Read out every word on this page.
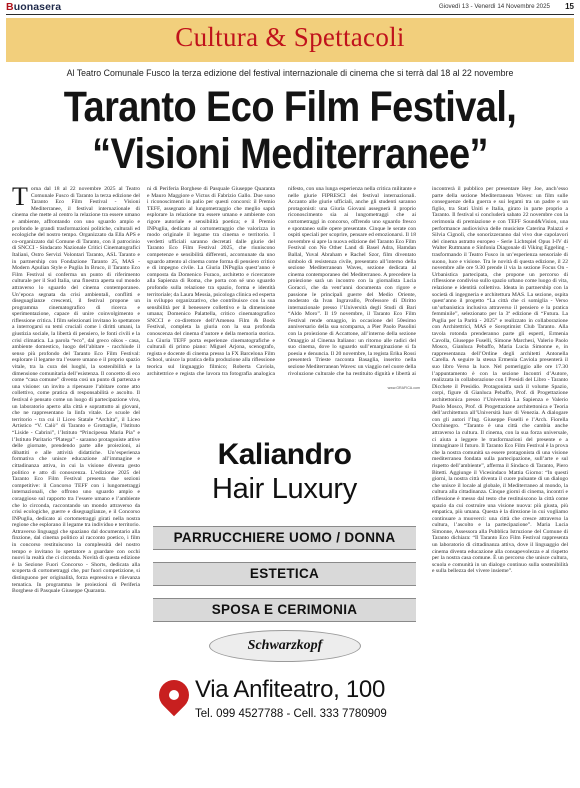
Buonasera	Giovedì 13 - Venerdì 14 Novembre 2025 15
Cultura & Spettacoli
Al Teatro Comunale Fusco la terza edizione del festival internazionale di cinema che si terrà dal 18 al 22 novembre
Taranto Eco Film Festival,
“Visioni Mediterranee”
T orna dal 18 al 22 novembre 2025 al Teatro Comunale Fusco di Taranto la terza edizione del Taranto Eco Film Festival - Visioni Mediterranee, il festival internazionale di cinema che mette al centro la relazione tra essere umano e ambiente, affrontando con uno sguardo ampio e profondo le grandi trasformazioni politiche, culturali ed ecologiche del nostro tempo. Organizzato da Ella APS e co-organizzato dal Comune di Taranto, con il patrocinio di SNCCI - Sindacato Nazionale Critici Cinematografici Italiani, Ostro Servizi Volontari Taranto, ASL Taranto e in partnership con Fondazione Taranto 25, MAS - Modern Apulian Style e Puglia In Bruco, il Taranto Eco Film Festival si conferma un punto di riferimento culturale per il Sud Italia, una finestra aperta sul mondo attraverso lo sguardo del cinema contemporaneo. Un’epoca segnata da crisi ambientali, conflitti e diseguaglianze crescenti, il festival propone un programma cinematografico di ricerca e sperimentazione, capace di unire coinvolgimento e riflessione critica. I film selezionati invitano lo spettatore a interrogarsi su temi cruciali come i diritti umani, la giustizia sociale, la libertà di pensiero, le fonti civili e la crisi climatica. La parola “eco”, dal greco oikos - casa, ambiente domestico, luogo dell’abitare - racchiude il senso più profondo del Taranto Eco Film Festival: esplorare il legame tra l’essere umano e il proprio spazio vitale, tra la cura dei luoghi, la sostenibilità e la dimensione comunitaria dell’esistenza. Il concetto di eco come “casa comune” diventa così un punto di partenza e una visione: un invito a ripensare l’abitare come atto collettivo, come pratica di responsabilità e ascolto. Il festival è pensato come un luogo di partecipazione viva, un laboratorio aperto alla città e soprattutto ai giovani, che ne rappresentano la linfa vitale. Le scuole del territorio - tra cui il Liceo Statale “Archita”, il Liceo Artistico “V. Calò” di Taranto e Grottaglie, l’Istituto “Liside - Cabrini”, l’Istituto “Principessa Maria Pia” e l’Istituto Paritario “Platega” - saranno protagoniste attive delle giornate, prendendo parte alle proiezioni, ai dibattiti e alle attività didattiche. Un’esperienza formativa che unisce educazione all’immagine e cittadinanza attiva, in cui la visione diventa gesto politico e atto di conoscenza. L’edizione 2025 del Taranto Eco Film Festival presenta due sezioni competitive: il Concorso TEFF con i lungometraggi internazionali, che offrono uno sguardo ampio e coraggioso sul rapporto tra l’essere umano e l’ambiente che lo circonda, raccontando un mondo attraverso da crisi ecologiche, guerre e diseguaglianze, e il Concorso INPuglia, dedicato ai cortometraggi girati nella nostra regione che esplorano il legame tra individuo e territorio. Attraverso linguaggi che spaziano dal documentario alla finzione, dal cinema politico al racconto poetico, i film in concorso restituiscono la complessità del nostro tempo e invitano lo spettatore a guardare con occhi nuovi la realtà che ci circonda. Novità di questa edizione è la Sezione Fuori Concorso - Shorts, dedicata alla scoperta di cortometraggi che, pur fuori competizione, si distinguono per originalità, forza espressiva e rilevanza tematica. In programma le proiezioni di Periferia Borghese di Pasquale Giuseppe Quaranta.

ni di Periferia Borghese di Pasquale Giuseppe Quaranta e Mauro Maggiore e Victus di Fabrizio Gallo. Due sono i riconoscimenti in palio per questi concorsi: il Premio TEFF, assegnato al lungometraggio che meglio saprà esplorare la relazione tra essere umano e ambiente con rigore autoriale e sensibilità poetica; e il Premio INPuglia, dedicato al cortometraggio che valorizza in modo originale il legame tra cinema e territorio. I verdetti ufficiali saranno decretati dalle giurie del Taranto Eco Film Festival 2025, che riuniscono competenze e sensibilità differenti, accomunate da uno sguardo attento al cinema come forma di pensiero critico e di impegno civile. La Giuria INPuglia quest’anno è composta da Domenico Furaco, architetto e ricercatore alla Sapienza di Roma, che porta con sé uno sguardo profondo sulla relazione tra spazio, forma e identità territoriale; da Laura Messia, psicologa clinica ed esperta in sviluppo organizzativo, che contribuisce con la sua sensibilità per il benessere collettivo e la dimensione umana; Domenico Palattella, critico cinematografico SNCCI e co-direttore dell’Amenea Film & Book Festival, completa la giuria con la sua profonda conoscenza del cinema d’autore e della memoria storica. La Giuria TEFF porta esperienze cinematografiche e culturali di primo piano: Miguel Arjona, scenografo, regista e docente di cinema presso la FX Barcelona Film School, unisce la pratica della produzione alla riflessione teorica sul linguaggio filmico; Roberta Caviola, architettrice e regista che lavora tra fotografia analogica

nifesto, con una lunga esperienza nella critica militante e nelle giurie FIPRESCI dei festival internazionali. Accanto alle giurie ufficiali, anche gli studenti saranno protagonisti: una Giuria Giovani assegnerà il proprio riconoscimento sia ai lungometraggi che ai cortometraggi in concorso, offrendo uno sguardo fresco e spontaneo sulle opere presentate. Cinque le serate con ospiti speciali per scoprire, pensare ed emozionarsi. Il 18 novembre si apre la nuova edizione del Taranto Eco Film Festival con No Other Land di Basel Adra, Hamdan Ballal, Yuval Abraham e Rachel Szor, film diventato simbolo di resistenza civile, presentato all’interno della sezione Mediterranean Waves, sezione dedicata al cinema contemporaneo del Mediterraneo. A precedere la proiezione sarà un incontro con la giornalista Lucia Goracci, che da vent’anni documenta con rigore e passione le principali guerre del Medio Oriente, moderato da Ivan Ingravallo, Professore di Diritto internazionale presso l’Università degli Studi di Bari “Aldo Moro”. Il 19 novembre, il Taranto Eco Film Festival rende omaggio, in occasione del 50esimo anniversario della sua scomparsa, a Pier Paolo Pasolini con la proiezione di Accattone, all’interno della sezione Omaggio al Cinema Italiano: un ritorno alle radici del suo cinema, dove lo sguardo sull’emarginazione si fa poesia e denuncia. Il 20 novembre, la regista Erika Rossi presenterà Trieste racconta Basaglia, inserito nella sezione Mediterranean Waves: un viaggio nel cuore della rivoluzione culturale che ha restituito dignità e libertà ai

incontrerà il pubblico per presentare Hey Joe, anch’esso parte della sezione Mediterranean Waves: un film sulle conseguenze della guerra e sui legami tra un padre e un figlio, tra Stati Uniti e Italia, girato in parte proprio a Taranto. Il festival si concluderà sabato 22 novembre con la cerimonia di premiazione e con TEFF Sound&Vision, una performance audiovisiva delle musiciste Caterina Palazzi e Silvia Cignoli, che sonorizzeranno dal vivo due capolavori del cinema astratto europeo - Serie Lichtspiel Opus I-IV di Walter Ruttmann e Sinfonia Diagonale di Viking Eggeling - trasformando il Teatro Fusco in un’esperienza sensoriale di suono, luce e visione. Tra le novità di questa edizione, il 22 novembre alle ore 9.30 prende il via la sezione Focus On - Urbanistica partecipata, che propone un percorso di riflessione condiviso sullo spazio urbano come luogo di vita, relazione e identità collettiva. Ideata in partnership con la società di ingegneria e architettura MAS. La sezione, ospita quest’anno il progetto “La città che ci somiglia - Verso un’urbanistica inclusiva attraverso il pensiero e la pratica femminile”, selezionato per la 3ª edizione di “Futura. La Puglia per la Parità - 2025” e realizzato in collaborazione con Architettrici, MAS e Soroptimist Club Taranto. Alla tavola rotonda prenderanno parte gli esperti, Ermenia Cavolla, Giuseppe Fuselli, Simone Marchesi, Valerio Paolo Mosco, Gianluca Pebaffo, Maria Lucia Simonne e, in rappresentanza dell’Ordine degli architetti Antonella Carella. A seguire la stessa Ermenia Caviola presenterà il suo libro Verso la luce. Nel pomeriggio alle ore 17.30 l’appuntamento è con la sezione Incontri d’Autore, realizzata in collaborazione con I Presidi del Libro - Taranto Dicchete il Presidio. Protagonista sarà il volume Spazio, corpi, figure di Gianluca Pebaffo, Prof. di Progettazione architettonica presso l’Università La Sapienza e Valerio Paolo Mosco, Prof. di Progettazione architettonica e Teoria dell’architettura all’Università Iuav di Venezia. A dialogare con gli autori l’Ing. Giuseppe Fuselli e l’Arch. Fiorella Occhinegro. “Taranto è una città che cambia anche attraverso la cultura. Il cinema, con la sua forza universale, ci aiuta a leggere le trasformazioni del presente e a immaginare il futuro. Il Taranto Eco Film Festival è la prova che la nostra comunità sa essere protagonista di una visione mediterranea fondata sulla partecipazione, sull’arte e sul rispetto dell’ambiente”, afferma il Sindaco di Taranto, Piero Bitetti. Aggiunge il Vicesindaco Mattia Giorno: “In questi giorni, la nostra città diventa il cuore pulsante di un dialogo che unisce il locale al globale, il Mediterraneo al mondo, la cultura alla cittadinanza. Cinque giorni di cinema, incontri e riflessione è messo dal testo che restituiscono la città come spazio da cui costruire una visione nuova: più giusta, più empatica, più umana. Questa è la direzione in cui vogliamo continuare a muoverci: una città che cresce attraverso la cultura, l’ascolto e la partecipazione”. Maria Lucia Simonne, Assessora alla Pubblica Istruzione del Comune di Taranto dichiara: “Il Taranto Eco Film Festival rappresenta un laboratorio di cittadinanza attiva, dove il linguaggio del cinema diventa educazione alla consapevolezza e al rispetto per la nostra casa comune. È un percorso che unisce cultura, scuola e comunità in un dialogo continuo sulla sostenibilità e sulla bellezza del vivere insieme”.

www.GRAFICA.com
Kaliandro
Hair Luxury
PARRUCCHIERE UOMO / DONNA
ESTETICA
SPOSA E CERIMONIA
Schwarzkopf
Via Anfiteatro, 100
Tel. 099 4527788 - Cell. 333 7780909
